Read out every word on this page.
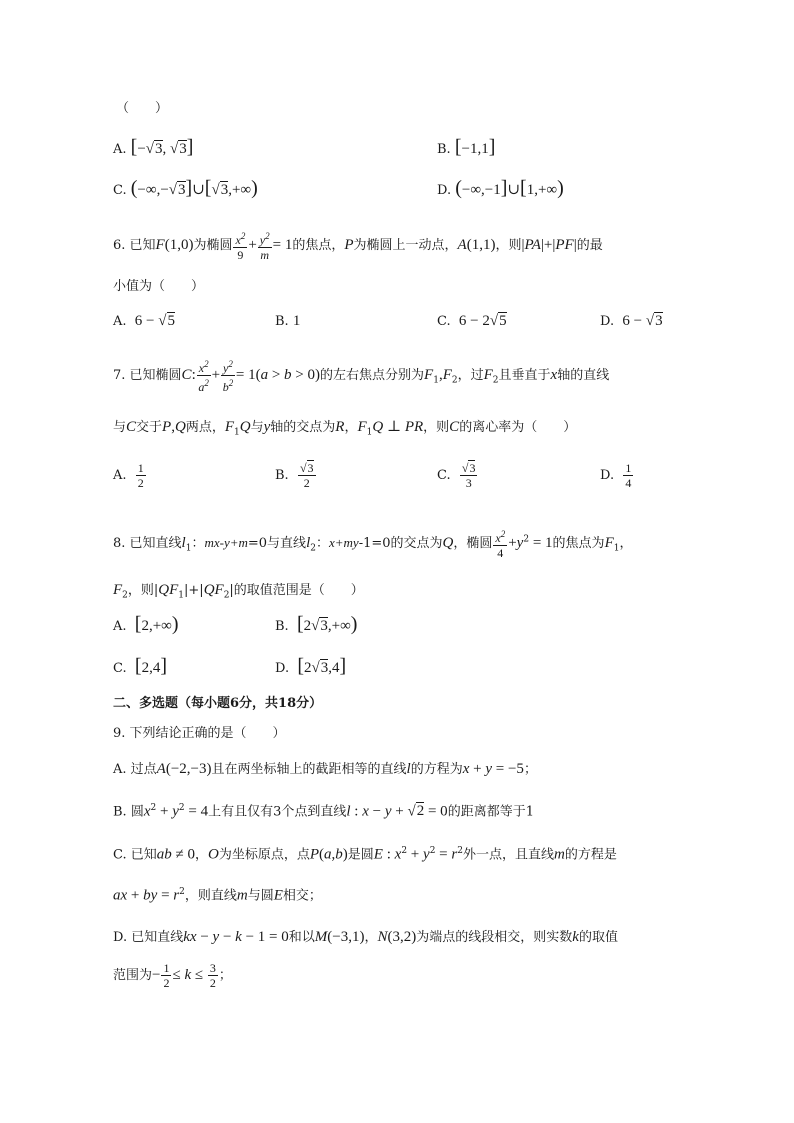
（　　）
A. [−√3, √3]	B. [−1,1]
C. (−∞,−√3]∪[√3,+∞)	D. (−∞,−1]∪[1,+∞)
6. 已知F(1,0)为椭圆 $\frac{x^2}{9} + \frac{y^2}{m} = 1$的焦点，P为椭圆上一动点，A(1,1)，则|PA|+|PF|的最
小值为（　　）
A.  6 − √5	B. 1	C.  6 − 2√5	D.  6 − √3
7. 已知椭圆C: $\frac{x^2}{a^2} + \frac{y^2}{b^2} = 1(a > b > 0)$的左右焦点分别为$F_1,F_2$，过$F_2$且垂直于x轴的直线
与C交于P,Q两点，$F_1Q$与y轴的交点为R，$F_1Q$ ⊥ PR，则C的离心率为（　　）
A. $\frac{1}{2}$	B. $\frac{√3}{2}$	C. $\frac{√3}{3}$	D. $\frac{1}{4}$
8. 已知直线$l_1$：mx-y+m=0与直线$l_2$：x+my-1=0的交点为Q，椭圆 $\frac{x^2}{4} +y^2 = 1$的焦点为$F_1$，
$F_2$，则$|QF_1|+|QF_2|$的取值范围是（　　）
A.  [2,+∞)	B.  [2√3,+∞)
C.  [2,4]	D.  [2√3,4]
二、多选题（每小题6分，共18分）
9. 下列结论正确的是（　　）
A. 过点A(−2,−3)且在两坐标轴上的截距相等的直线l的方程为x + y = −5；
B. 圆$x^2 + y^2 = 4$上有且仅有3个点到直线l : x − y + √2 = 0的距离都等于1
C. 已知ab ≠ 0，O为坐标原点，点P(a,b)是圆E : $x^2 + y^2 = r^2$外一点，且直线m的方程是
ax + by = $r^2$，则直线m与圆E相交；
D. 已知直线kx − y − k − 1 = 0和以M(−3,1)，N(3,2)为端点的线段相交，则实数k的取值
范围为− $\frac{1}{2} \le k \le \frac{3}{2}$ ；
